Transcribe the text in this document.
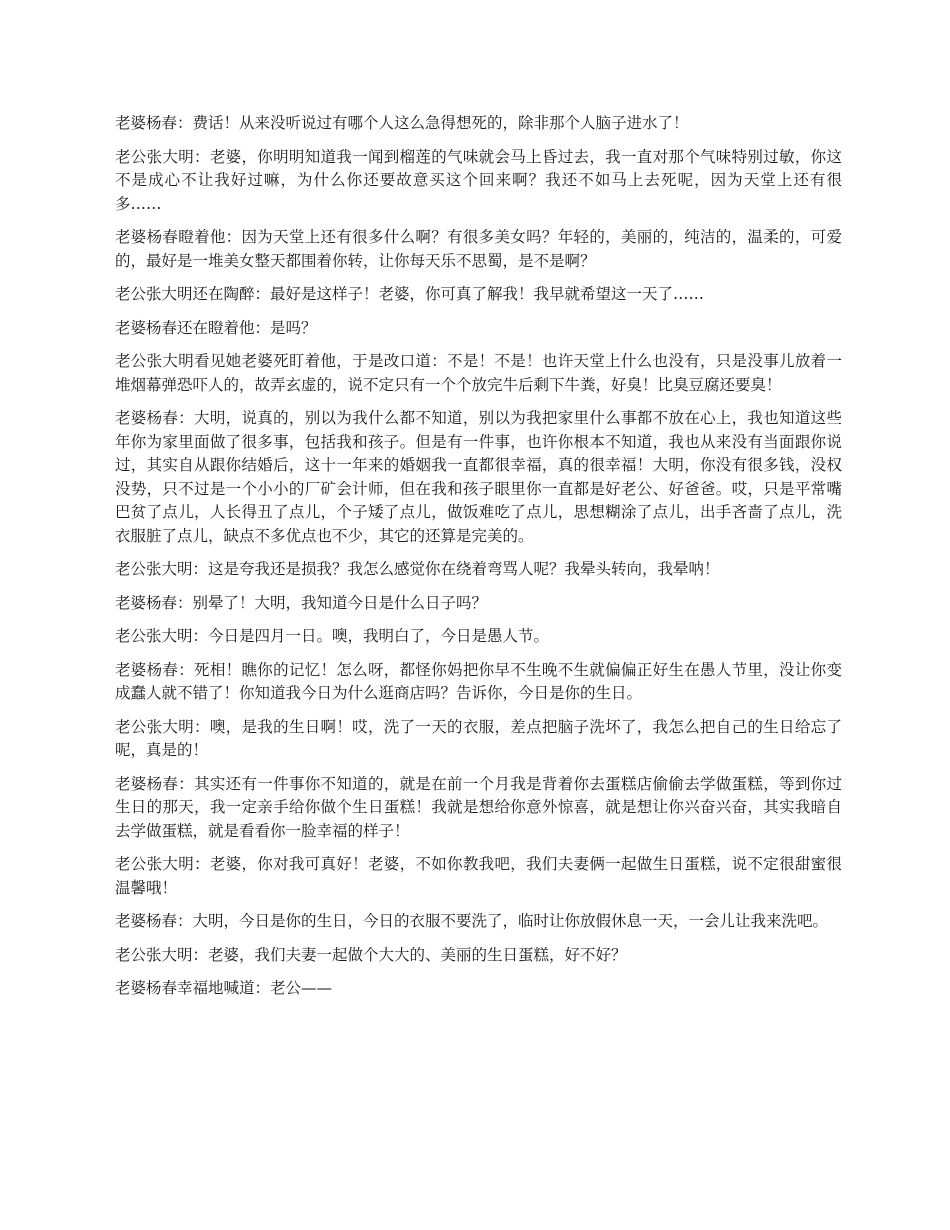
老婆杨春：费话！从来没听说过有哪个人这么急得想死的，除非那个人脑子进水了！

老公张大明：老婆，你明明知道我一闻到榴莲的气味就会马上昏过去，我一直对那个气味特别过敏，你这不是成心不让我好过嘛，为什么你还要故意买这个回来啊？我还不如马上去死呢，因为天堂上还有很多……

老婆杨春瞪着他：因为天堂上还有很多什么啊？有很多美女吗？年轻的，美丽的，纯洁的，温柔的，可爱的，最好是一堆美女整天都围着你转，让你每天乐不思蜀，是不是啊？

老公张大明还在陶醉：最好是这样子！老婆，你可真了解我！我早就希望这一天了……

老婆杨春还在瞪着他：是吗？

老公张大明看见她老婆死盯着他，于是改口道：不是！不是！也许天堂上什么也没有，只是没事儿放着一堆烟幕弹恐吓人的，故弄玄虚的，说不定只有一个个放完牛后剩下牛粪，好臭！比臭豆腐还要臭！

老婆杨春：大明，说真的，别以为我什么都不知道，别以为我把家里什么事都不放在心上，我也知道这些年你为家里面做了很多事，包括我和孩子。但是有一件事，也许你根本不知道，我也从来没有当面跟你说过，其实自从跟你结婚后，这十一年来的婚姻我一直都很幸福，真的很幸福！大明，你没有很多钱，没权没势，只不过是一个小小的厂矿会计师，但在我和孩子眼里你一直都是好老公、好爸爸。哎，只是平常嘴巴贫了点儿，人长得丑了点儿，个子矮了点儿，做饭难吃了点儿，思想糊涂了点儿，出手吝啬了点儿，洗衣服脏了点儿，缺点不多优点也不少，其它的还算是完美的。

老公张大明：这是夸我还是损我？我怎么感觉你在绕着弯骂人呢？我晕头转向，我晕呐！

老婆杨春：别晕了！大明，我知道今日是什么日子吗？

老公张大明：今日是四月一日。噢，我明白了，今日是愚人节。

老婆杨春：死相！瞧你的记忆！怎么呀，都怪你妈把你早不生晚不生就偏偏正好生在愚人节里，没让你变成蠢人就不错了！你知道我今日为什么逛商店吗？告诉你，今日是你的生日。

老公张大明：噢，是我的生日啊！哎，洗了一天的衣服，差点把脑子洗坏了，我怎么把自己的生日给忘了呢，真是的！

老婆杨春：其实还有一件事你不知道的，就是在前一个月我是背着你去蛋糕店偷偷去学做蛋糕，等到你过生日的那天，我一定亲手给你做个生日蛋糕！我就是想给你意外惊喜，就是想让你兴奋兴奋，其实我暗自去学做蛋糕，就是看看你一脸幸福的样子！

老公张大明：老婆，你对我可真好！老婆，不如你教我吧，我们夫妻俩一起做生日蛋糕，说不定很甜蜜很温馨哦！

老婆杨春：大明，今日是你的生日，今日的衣服不要洗了，临时让你放假休息一天，一会儿让我来洗吧。

老公张大明：老婆，我们夫妻一起做个大大的、美丽的生日蛋糕，好不好？

老婆杨春幸福地喊道：老公——
